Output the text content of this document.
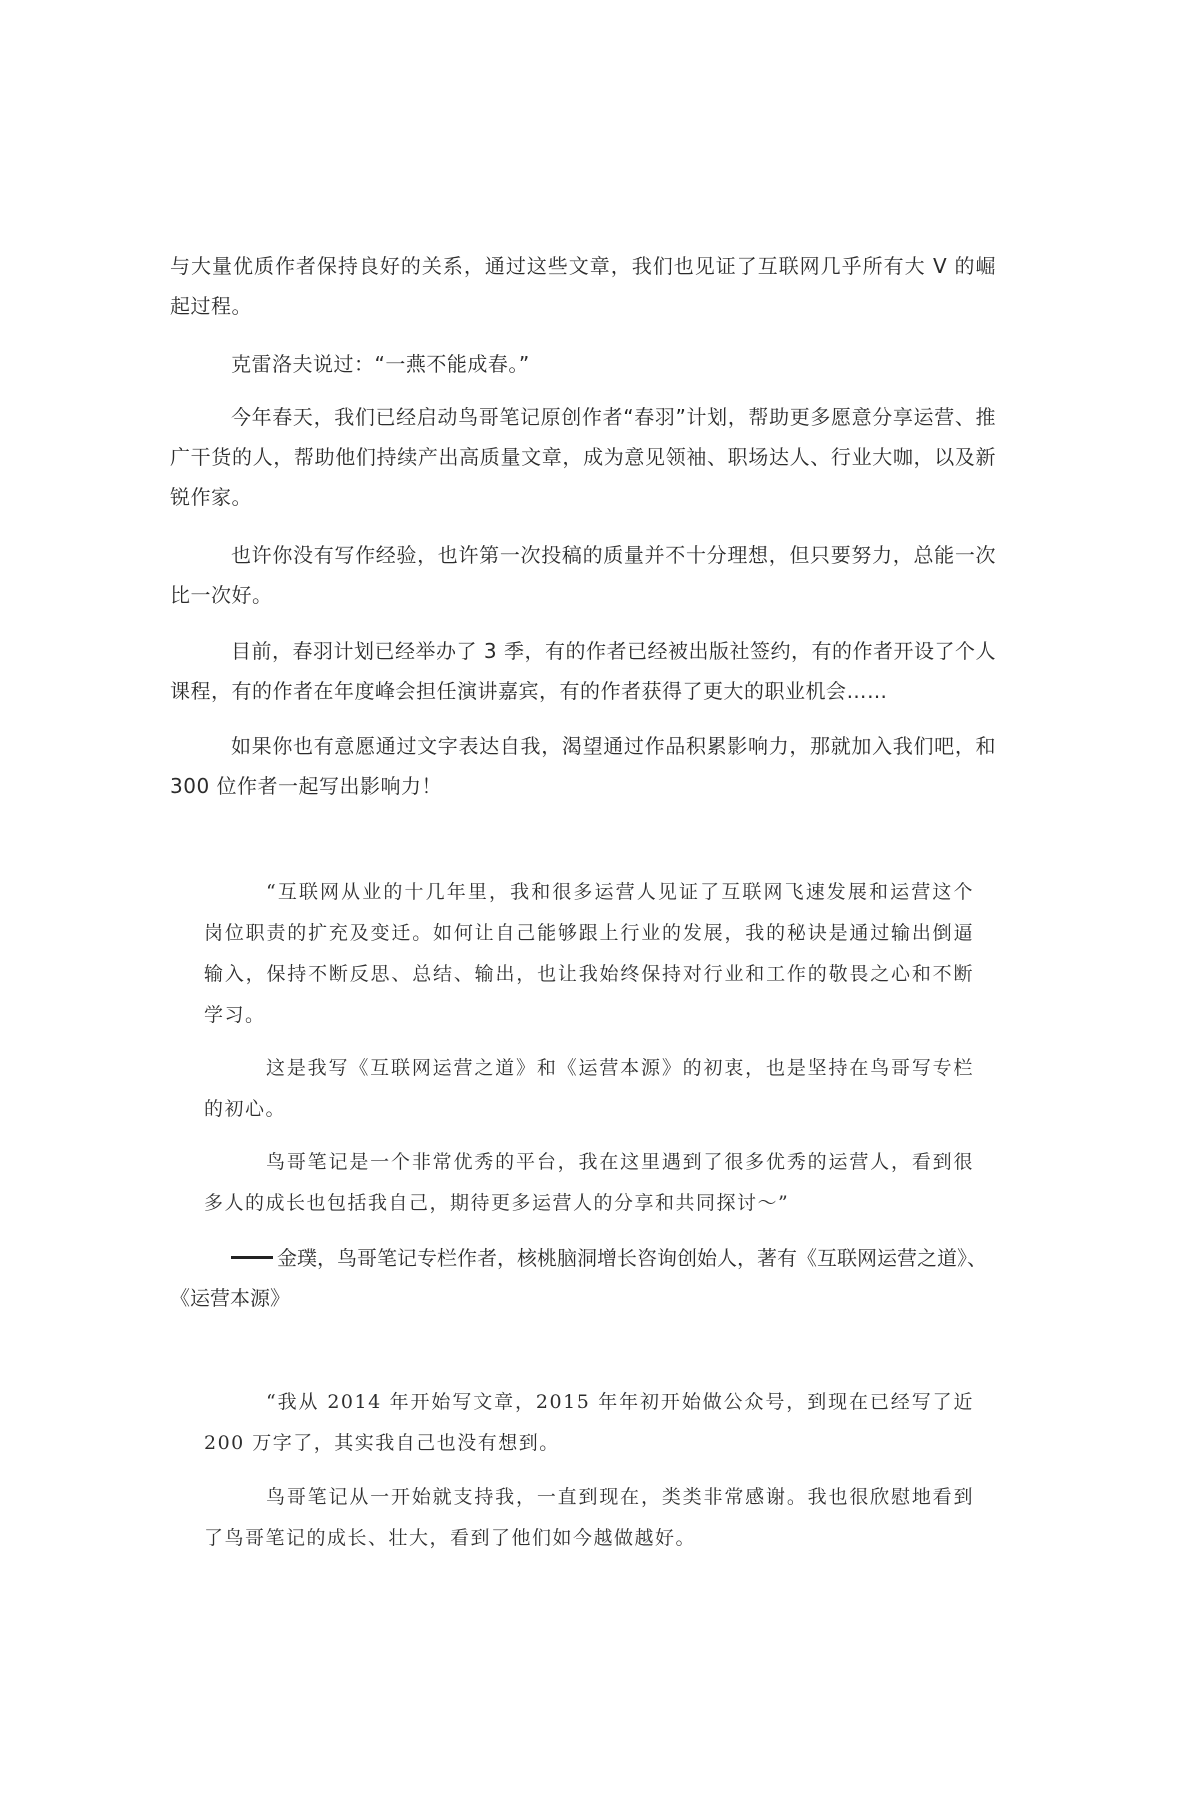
与大量优质作者保持良好的关系，通过这些文章，我们也见证了互联网几乎所有大 V 的崛起过程。

克雷洛夫说过：“一燕不能成春。”

今年春天，我们已经启动鸟哥笔记原创作者“春羽”计划，帮助更多愿意分享运营、推广干货的人，帮助他们持续产出高质量文章，成为意见领袖、职场达人、行业大咖，以及新锐作家。

也许你没有写作经验，也许第一次投稿的质量并不十分理想，但只要努力，总能一次比一次好。

目前，春羽计划已经举办了 3 季，有的作者已经被出版社签约，有的作者开设了个人课程，有的作者在年度峰会担任演讲嘉宾，有的作者获得了更大的职业机会……

如果你也有意愿通过文字表达自我，渴望通过作品积累影响力，那就加入我们吧，和 300 位作者一起写出影响力！

“互联网从业的十几年里，我和很多运营人见证了互联网飞速发展和运营这个岗位职责的扩充及变迁。如何让自己能够跟上行业的发展，我的秘诀是通过输出倒逼输入，保持不断反思、总结、输出，也让我始终保持对行业和工作的敬畏之心和不断学习。

这是我写《互联网运营之道》和《运营本源》的初衷，也是坚持在鸟哥写专栏的初心。

鸟哥笔记是一个非常优秀的平台，我在这里遇到了很多优秀的运营人，看到很多人的成长也包括我自己，期待更多运营人的分享和共同探讨～”

金璞，鸟哥笔记专栏作者，核桃脑洞增长咨询创始人，著有《互联网运营之道》、《运营本源》

“我从 2014 年开始写文章，2015 年年初开始做公众号，到现在已经写了近 200 万字了，其实我自己也没有想到。

鸟哥笔记从一开始就支持我，一直到现在，类类非常感谢。我也很欣慰地看到了鸟哥笔记的成长、壮大，看到了他们如今越做越好。
